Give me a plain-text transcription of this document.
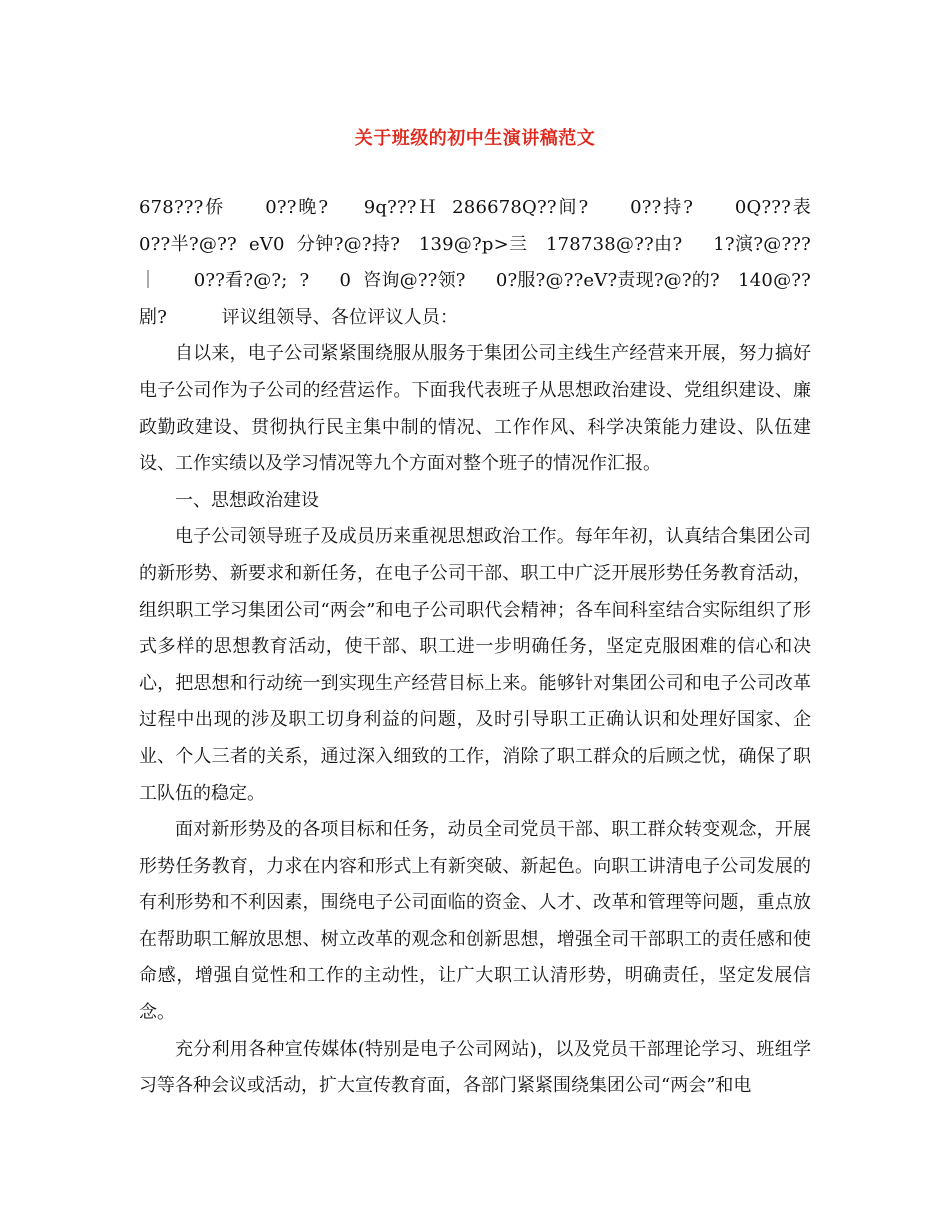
关于班级的初中生演讲稿范文

678???侨　　0??晚?　 9q???Ｈ 286678Q??间?　　0??持?　　0Q???表　0??半?@?? eV0 分钟?@?持?　139@?p>亖　178738@??由?　 1?演?@???｜　　0??看?@?; ?　 0 咨询@??领?　 0?服?@??eV?责现?@?的?　140@??剧?　　　评议组领导、各位评议人员：

自以来，电子公司紧紧围绕服从服务于集团公司主线生产经营来开展，努力搞好电子公司作为子公司的经营运作。下面我代表班子从思想政治建设、党组织建设、廉政勤政建设、贯彻执行民主集中制的情况、工作作风、科学决策能力建设、队伍建设、工作实绩以及学习情况等九个方面对整个班子的情况作汇报。

一、思想政治建设

电子公司领导班子及成员历来重视思想政治工作。每年年初，认真结合集团公司的新形势、新要求和新任务，在电子公司干部、职工中广泛开展形势任务教育活动，组织职工学习集团公司“两会”和电子公司职代会精神；各车间科室结合实际组织了形式多样的思想教育活动，使干部、职工进一步明确任务，坚定克服困难的信心和决心，把思想和行动统一到实现生产经营目标上来。能够针对集团公司和电子公司改革过程中出现的涉及职工切身利益的问题，及时引导职工正确认识和处理好国家、企业、个人三者的关系，通过深入细致的工作，消除了职工群众的后顾之忧，确保了职工队伍的稳定。

面对新形势及的各项目标和任务，动员全司党员干部、职工群众转变观念，开展形势任务教育，力求在内容和形式上有新突破、新起色。向职工讲清电子公司发展的有利形势和不利因素，围绕电子公司面临的资金、人才、改革和管理等问题，重点放在帮助职工解放思想、树立改革的观念和创新思想，增强全司干部职工的责任感和使命感，增强自觉性和工作的主动性，让广大职工认清形势，明确责任，坚定发展信念。

充分利用各种宣传媒体(特别是电子公司网站)，以及党员干部理论学习、班组学习等各种会议或活动，扩大宣传教育面，各部门紧紧围绕集团公司“两会”和电
